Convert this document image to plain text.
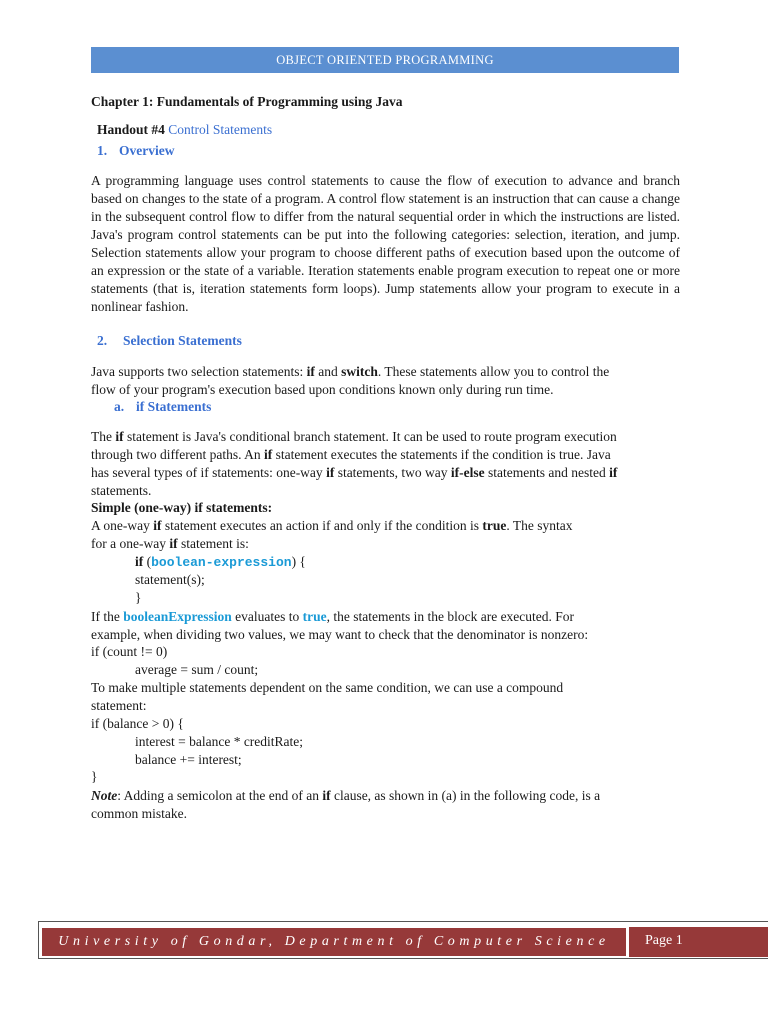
OBJECT ORIENTED PROGRAMMING
Chapter 1: Fundamentals of Programming using Java
Handout #4 Control Statements
1. Overview
A programming language uses control statements to cause the flow of execution to advance and branch based on changes to the state of a program. A control flow statement is an instruction that can cause a change in the subsequent control flow to differ from the natural sequential order in which the instructions are listed. Java's program control statements can be put into the following categories: selection, iteration, and jump. Selection statements allow your program to choose different paths of execution based upon the outcome of an expression or the state of a variable. Iteration statements enable program execution to repeat one or more statements (that is, iteration statements form loops). Jump statements allow your program to execute in a nonlinear fashion.
2. Selection Statements
Java supports two selection statements: if and switch. These statements allow you to control the
flow of your program's execution based upon conditions known only during run time.
a. if Statements
The if statement is Java's conditional branch statement. It can be used to route program execution
through two different paths. An if statement executes the statements if the condition is true. Java
has several types of if statements: one-way if statements, two way if-else statements and nested if
statements.
Simple (one-way) if statements:
A one-way if statement executes an action if and only if the condition is true. The syntax
for a one-way if statement is:
if (boolean-expression) {
statement(s);
}
If the booleanExpression evaluates to true, the statements in the block are executed. For
example, when dividing two values, we may want to check that the denominator is nonzero:
if (count != 0)
average = sum / count;
To make multiple statements dependent on the same condition, we can use a compound
statement:
if (balance > 0) {
interest = balance * creditRate;
balance += interest;
}
Note: Adding a semicolon at the end of an if clause, as shown in (a) in the following code, is a
common mistake.
University of Gondar, Department of Computer Science	Page 1
